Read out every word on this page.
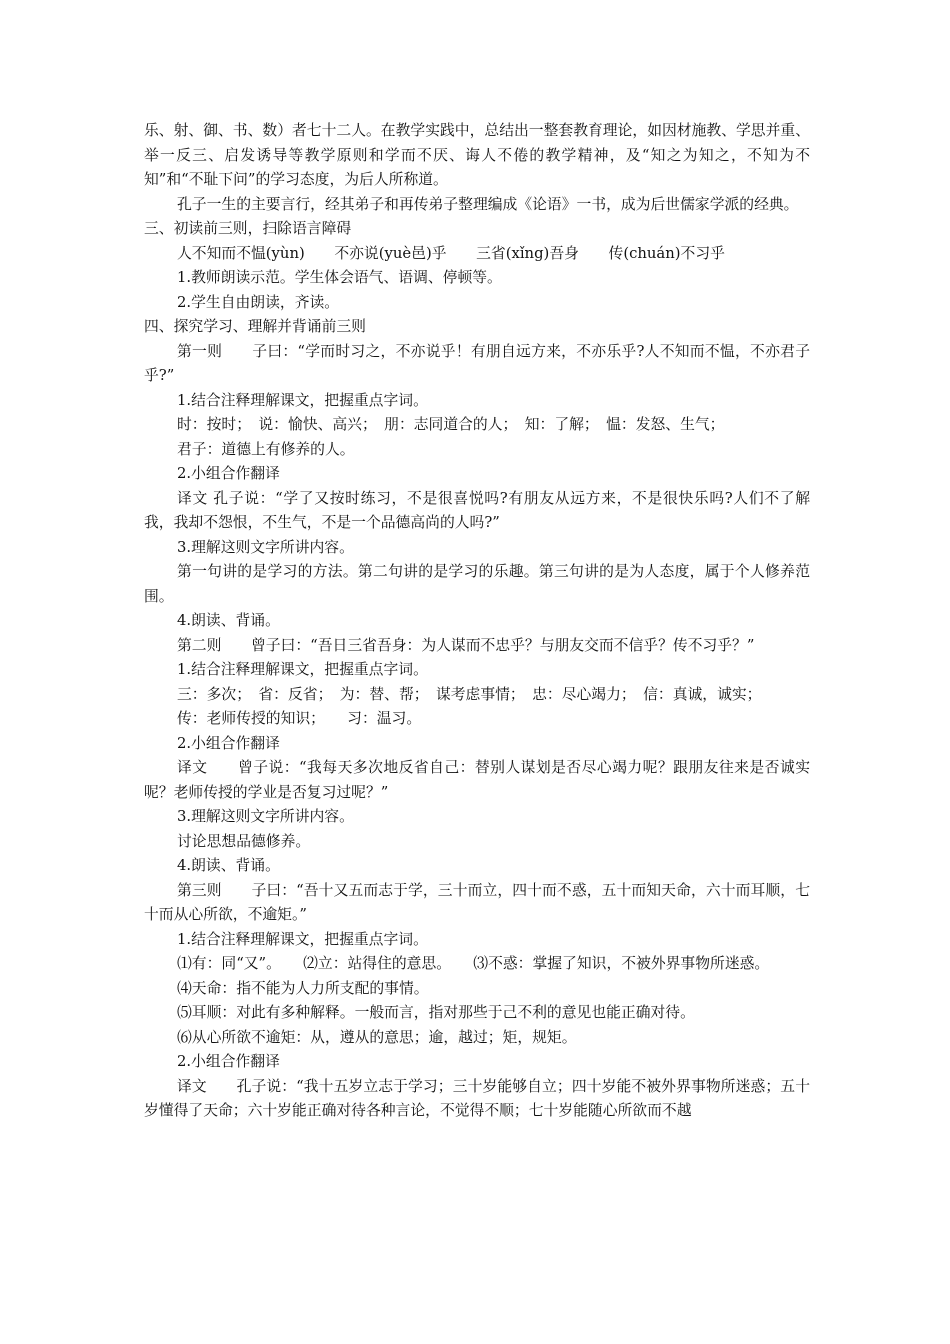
乐、射、御、书、数）者七十二人。在教学实践中，总结出一整套教育理论，如因材施教、学思并重、举一反三、启发诱导等教学原则和学而不厌、诲人不倦的教学精神，及“知之为知之，不知为不知”和“不耻下问”的学习态度，为后人所称道。

孔子一生的主要言行，经其弟子和再传弟子整理编成《论语》一书，成为后世儒家学派的经典。

三、初读前三则，扫除语言障碍

人不知而不愠(yùn)　　不亦说(yuè邑)乎　　三省(xǐng)吾身　　传(chuán)不习乎

1.教师朗读示范。学生体会语气、语调、停顿等。

2.学生自由朗读，齐读。

四、探究学习、理解并背诵前三则

第一则　　子曰：“学而时习之，不亦说乎！有朋自远方来，不亦乐乎?人不知而不愠，不亦君子乎?”

1.结合注释理解课文，把握重点字词。

时：按时；　说：愉快、高兴；　朋：志同道合的人；　知：了解；　愠：发怒、生气；

君子：道德上有修养的人。

2.小组合作翻译

译文 孔子说：“学了又按时练习，不是很喜悦吗?有朋友从远方来，不是很快乐吗?人们不了解我，我却不怨恨，不生气，不是一个品德高尚的人吗?”

3.理解这则文字所讲内容。

第一句讲的是学习的方法。第二句讲的是学习的乐趣。第三句讲的是为人态度，属于个人修养范围。

4.朗读、背诵。

第二则　　曾子曰：“吾日三省吾身：为人谋而不忠乎？与朋友交而不信乎？传不习乎？”

1.结合注释理解课文，把握重点字词。

三：多次；　省：反省；　为：替、帮；　谋考虑事情；　忠：尽心竭力；　信：真诚，诚实；

传：老师传授的知识；　　习：温习。

2.小组合作翻译

译文　　曾子说：“我每天多次地反省自己：替别人谋划是否尽心竭力呢？跟朋友往来是否诚实呢？老师传授的学业是否复习过呢？”

3.理解这则文字所讲内容。

讨论思想品德修养。

4.朗读、背诵。

第三则　　子曰：“吾十又五而志于学，三十而立，四十而不惑，五十而知天命，六十而耳顺，七十而从心所欲，不逾矩。”

1.结合注释理解课文，把握重点字词。

⑴有：同“又”。　　⑵立：站得住的意思。　　⑶不惑：掌握了知识，不被外界事物所迷惑。

⑷天命：指不能为人力所支配的事情。

⑸耳顺：对此有多种解释。一般而言，指对那些于己不利的意见也能正确对待。

⑹从心所欲不逾矩：从，遵从的意思；逾，越过；矩，规矩。

2.小组合作翻译

译文　　孔子说：“我十五岁立志于学习；三十岁能够自立；四十岁能不被外界事物所迷惑；五十岁懂得了天命；六十岁能正确对待各种言论，不觉得不顺；七十岁能随心所欲而不越
